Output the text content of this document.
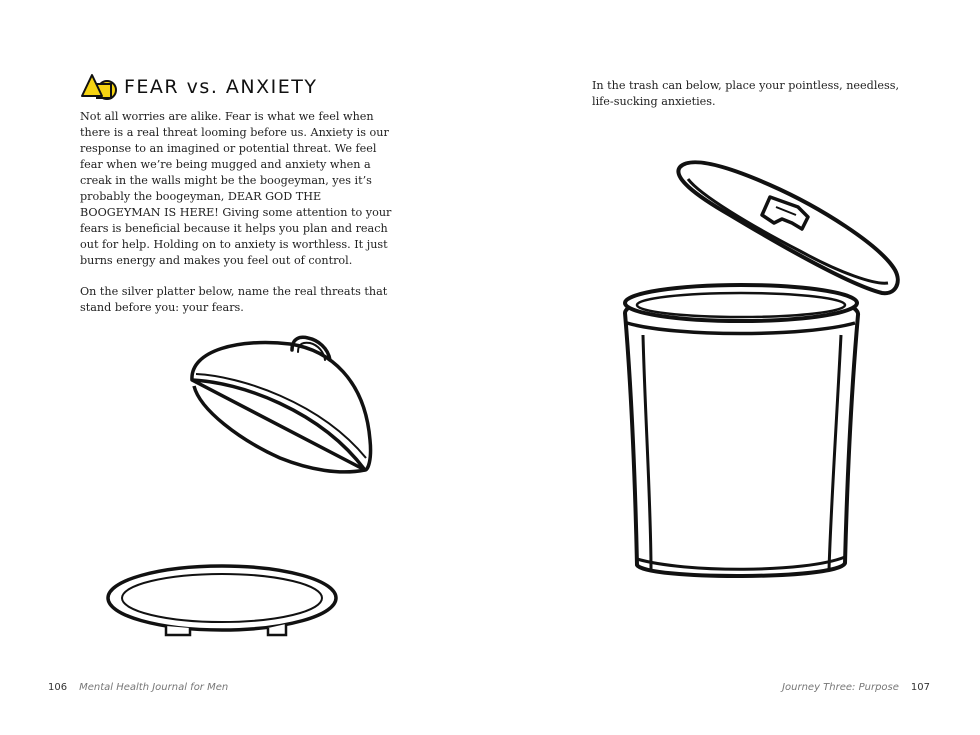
FEAR vs. ANXIETY
Not all worries are alike. Fear is what we feel when there is a real threat looming before us. Anxiety is our response to an imagined or potential threat. We feel fear when we’re being mugged and anxiety when a creak in the walls might be the boogeyman, yes it’s probably the boogeyman, DEAR GOD THE BOOGEYMAN IS HERE! Giving some attention to your fears is beneficial because it helps you plan and reach out for help. Holding on to anxiety is worthless. It just burns energy and makes you feel out of control.
On the silver platter below, name the real threats that stand before you: your fears.
106 Mental Health Journal for Men
In the trash can below, place your pointless, needless, life-sucking anxieties.
Journey Three: Purpose 107
